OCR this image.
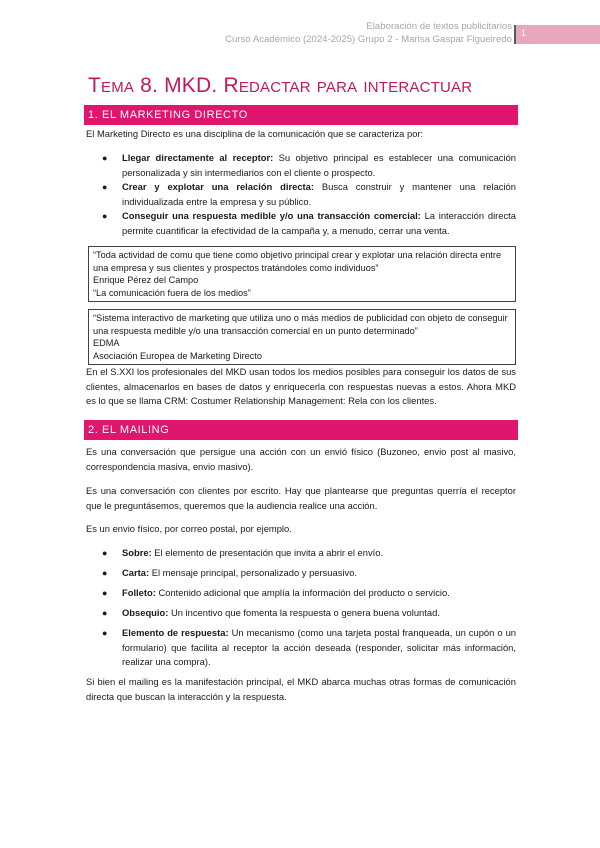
Elaboración de textos publicitarios
Curso Académico (2024-2025) Grupo 2 - Marisa Gaspar Figueiredo
1
Tema 8. MKD. Redactar para interactuar
1. EL MARKETING DIRECTO
El Marketing Directo es una disciplina de la comunicación que se caracteriza por:
● Llegar directamente al receptor: Su objetivo principal es establecer una comunicación personalizada y sin intermediarios con el cliente o prospecto.
● Crear y explotar una relación directa: Busca construir y mantener una relación individualizada entre la empresa y su público.
● Conseguir una respuesta medible y/o una transacción comercial: La interacción directa permite cuantificar la efectividad de la campaña y, a menudo, cerrar una venta.
“Toda actividad de comu que tiene como objetivo principal crear y explotar una relación directa entre una empresa y sus clientes y prospectos tratándoles como individuos”
Enrique Pérez del Campo
“La comunicación fuera de los medios”
“Sistema interactivo de marketing que utiliza uno o más medios de publicidad con objeto de conseguir una respuesta medible y/o una transacción comercial en un punto determinado”
EDMA
Asociación Europea de Marketing Directo
En el S.XXI los profesionales del MKD usan todos los medios posibles para conseguir los datos de sus clientes, almacenarlos en bases de datos y enriquecerla con respuestas nuevas a estos. Ahora MKD es lo que se llama CRM: Costumer Relationship Management: Rela con los clientes.
2. EL MAILING
Es una conversación que persigue una acción con un envió físico (Buzoneo, envio post al masivo, correspondencia masiva, envio masivo).
Es una conversación con clientes por escrito. Hay que plantearse que preguntas querría el receptor que le preguntásemos, queremos que la audiencia realice una acción.
Es un envio físico, por correo postal, por ejemplo.
● Sobre: El elemento de presentación que invita a abrir el envío.
● Carta: El mensaje principal, personalizado y persuasivo.
● Folleto: Contenido adicional que amplía la información del producto o servicio.
● Obsequio: Un incentivo que fomenta la respuesta o genera buena voluntad.
● Elemento de respuesta: Un mecanismo (como una tarjeta postal franqueada, un cupón o un formulario) que facilita al receptor la acción deseada (responder, solicitar más información, realizar una compra).
Si bien el mailing es la manifestación principal, el MKD abarca muchas otras formas de comunicación directa que buscan la interacción y la respuesta.
